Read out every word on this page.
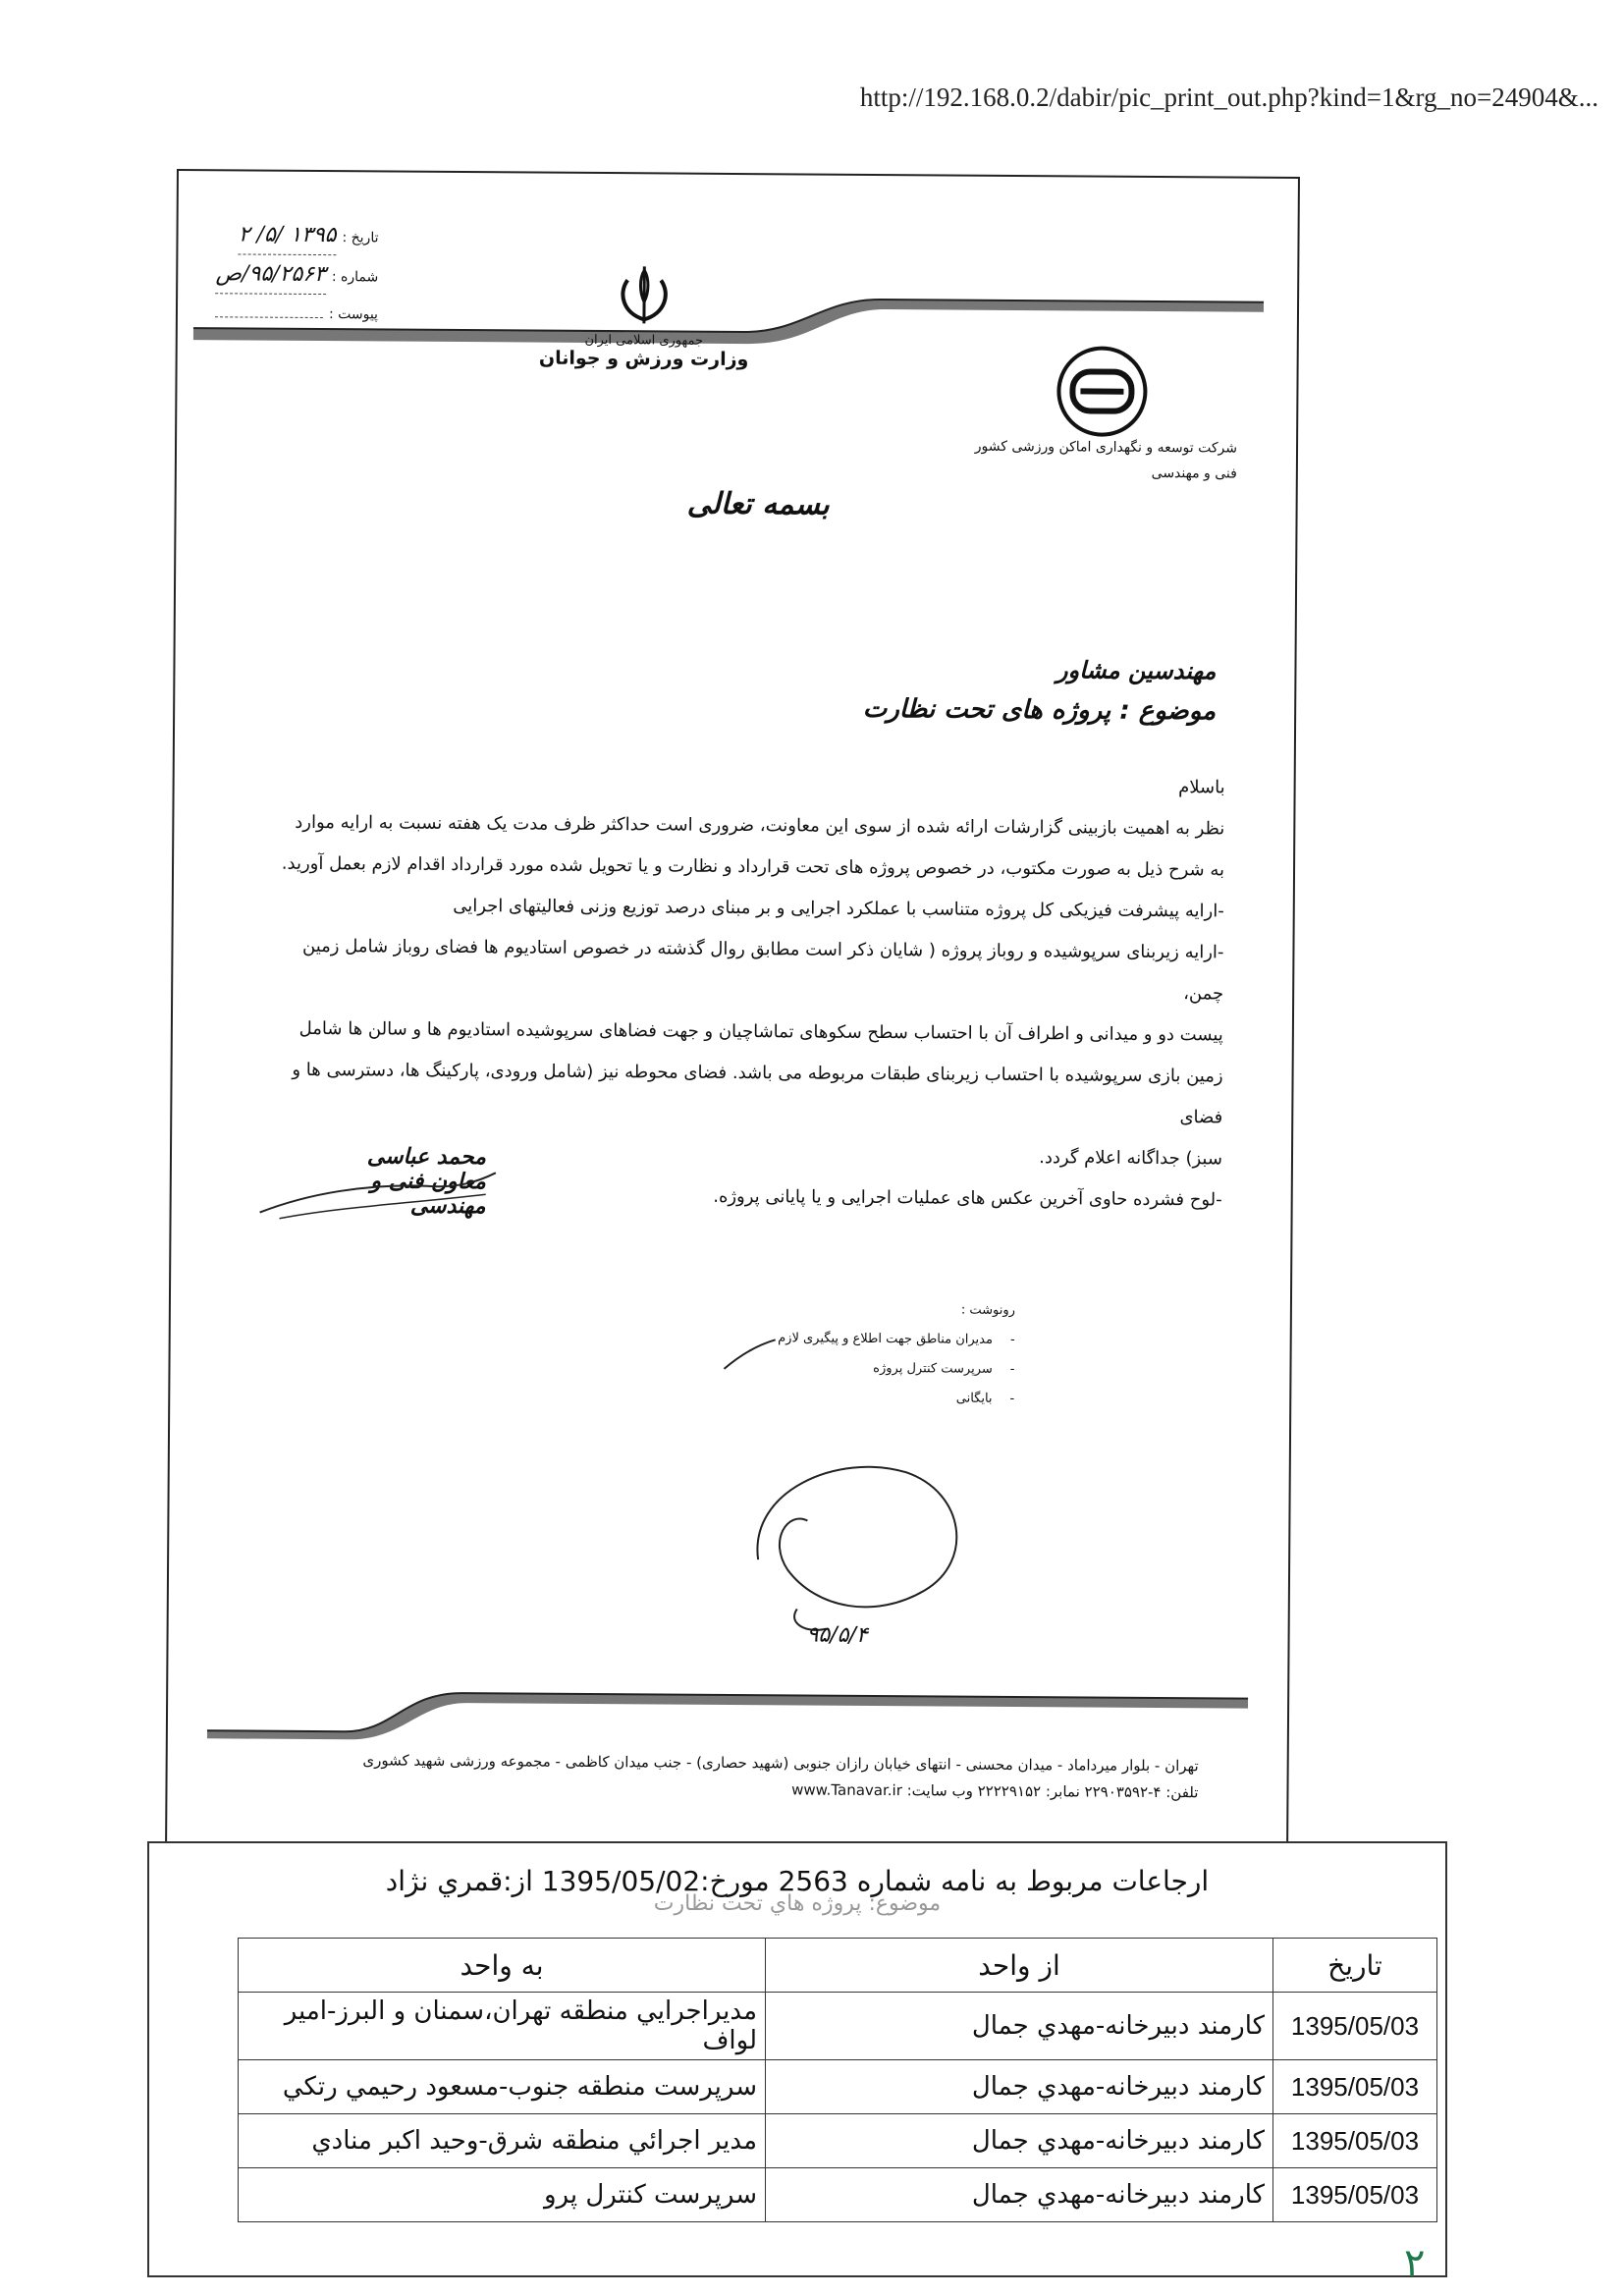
http://192.168.0.2/dabir/pic_print_out.php?kind=1&rg_no=24904&...
تاریخ :
۱۳۹۵ /۵/ ۲
شماره :
۹۵/۲۵۶۳/ص
پیوست :
جمهوری اسلامی ایران
وزارت ورزش و جوانان
شرکت توسعه و نگهداری اماکن ورزشی کشور
فنی و مهندسی
بسمه تعالی
مهندسین مشاور
موضوع : پروژه های تحت نظارت

باسلام

نظر به اهمیت بازبینی گزارشات ارائه شده از سوی این معاونت، ضروری است حداکثر ظرف مدت یک هفته نسبت به ارایه موارد

به شرح ذیل به صورت مکتوب، در خصوص پروژه های تحت قرارداد و نظارت و یا تحویل شده مورد قرارداد اقدام لازم بعمل آورید.

-ارایه پیشرفت فیزیکی کل پروژه متناسب با عملکرد اجرایی و بر مبنای درصد توزیع وزنی فعالیتهای اجرایی

-ارایه زیربنای سرپوشیده و روباز پروژه ( شایان ذکر است مطابق روال گذشته در خصوص استادیوم ها فضای روباز شامل زمین چمن،

پیست دو و میدانی و اطراف آن با احتساب سطح سکوهای تماشاچیان و جهت فضاهای سرپوشیده استادیوم ها و سالن ها شامل

زمین بازی سرپوشیده با احتساب زیربنای طبقات مربوطه می باشد. فضای محوطه نیز (شامل ورودی، پارکینگ ها، دسترسی ها و فضای

سبز) جداگانه اعلام گردد.

-لوح فشرده حاوی آخرین عکس های عملیات اجرایی و یا پایانی پروژه.

محمد عباسی
معاون فنی و مهندسی
رونوشت :
-
مدیران مناطق جهت اطلاع و پیگیری لازم
-
سرپرست کنترل پروژه
-
بایگانی
۹۵/۵/۴
تهران - بلوار میرداماد - میدان محسنی - انتهای خیابان رازان جنوبی (شهید حصاری) - جنب میدان کاظمی - مجموعه ورزشی شهید کشوری
تلفن: ۴-۲۲۹۰۳۵۹۲ نمابر: ۲۲۲۲۹۱۵۲ وب سایت: www.Tanavar.ir
ارجاعات مربوط به نامه شماره 2563 مورخ:1395/05/02 از:قمري نژاد
موضوع: پروژه هاي تحت نظارت
تاريخ	از واحد	به واحد
1395/05/03	کارمند دبيرخانه-مهدي جمال	مديراجرايي منطقه تهران،سمنان و البرز-امير لواف
1395/05/03	کارمند دبيرخانه-مهدي جمال	سرپرست منطقه جنوب-مسعود رحيمي رتکي
1395/05/03	کارمند دبيرخانه-مهدي جمال	مدير اجرائي منطقه شرق-وحيد اکبر منادي
1395/05/03	کارمند دبيرخانه-مهدي جمال	سرپرست کنترل پرو
۲
